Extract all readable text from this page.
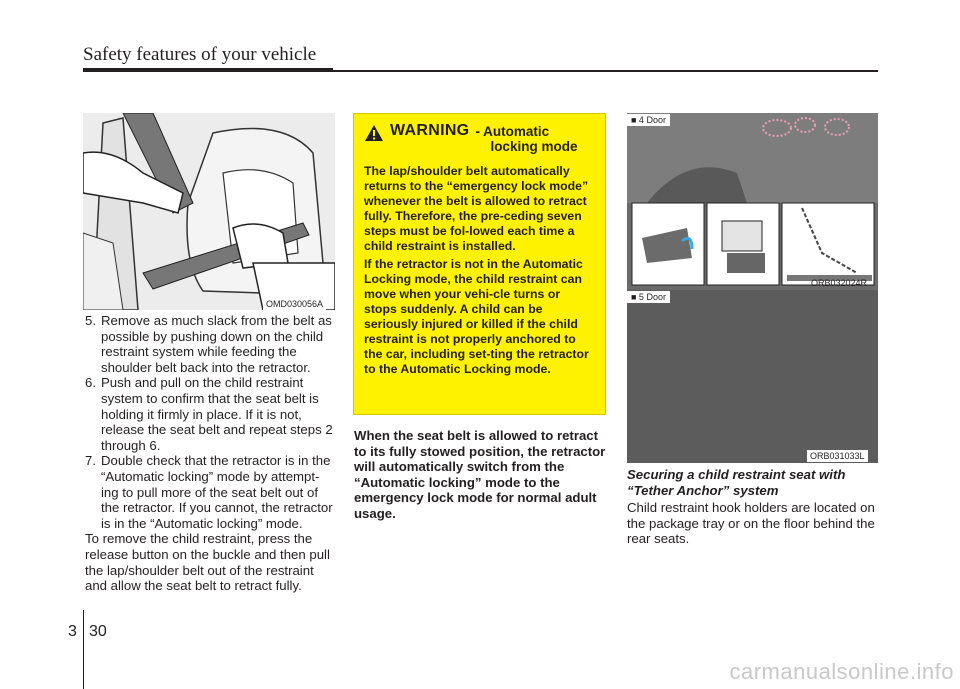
Safety features of your vehicle
OMD030056A

5. Remove as much slack from the belt as possible by pushing down on the child restraint system while feeding the shoulder belt back into the retractor.

6. Push and pull on the child restraint system to confirm that the seat belt is holding it firmly in place. If it is not, release the seat belt and repeat steps 2 through 6.

7. Double check that the retractor is in the “Automatic locking” mode by attempt-ing to pull more of the seat belt out of the retractor. If you cannot, the retractor is in the “Automatic locking” mode.

To remove the child restraint, press the release button on the buckle and then pull the lap/shoulder belt out of the restraint and allow the seat belt to retract fully.

WARNING - Automatic
locking mode

The lap/shoulder belt automatically returns to the “emergency lock mode” whenever the belt is allowed to retract fully. Therefore, the pre-ceding seven steps must be fol-lowed each time a child restraint is installed.

If the retractor is not in the Automatic Locking mode, the child restraint can move when your vehi-cle turns or stops suddenly. A child can be seriously injured or killed if the child restraint is not properly anchored to the car, including set-ting the retractor to the Automatic Locking mode.

When the seat belt is allowed to retract to its fully stowed position, the retractor will automatically switch from the “Automatic locking” mode to the emergency lock mode for normal adult usage.

■ 4 Door
ORB032024R
■ 5 Door
ORB031033L

Securing a child restraint seat with “Tether Anchor” system

Child restraint hook holders are located on the package tray or on the floor behind the rear seats.

3 30
carmanualsonline.info
